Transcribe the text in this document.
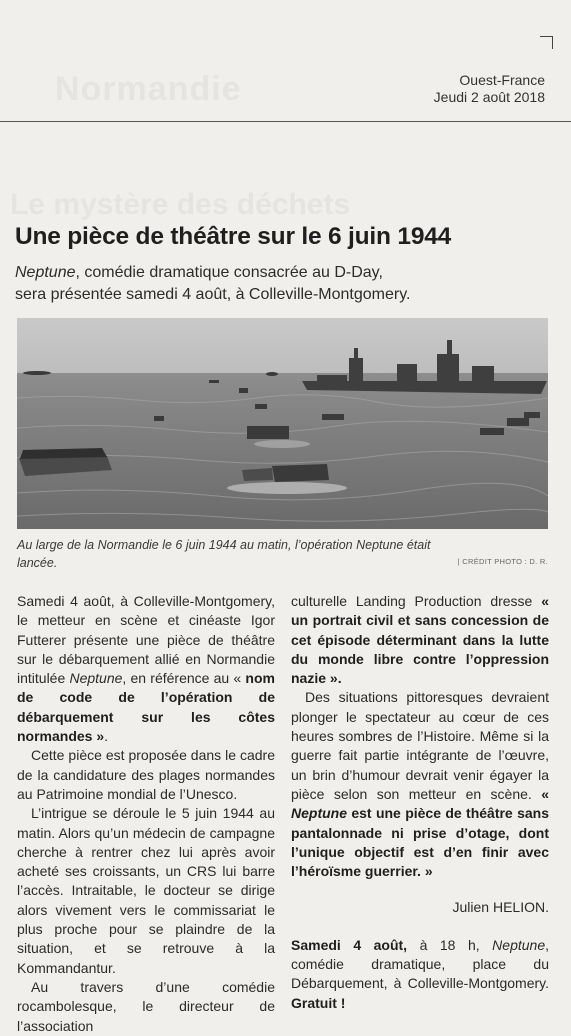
Normandie
Le mystère des déchets
Ouest-France
Jeudi 2 août 2018
Une pièce de théâtre sur le 6 juin 1944
Neptune, comédie dramatique consacrée au D-Day,
sera présentée samedi 4 août, à Colleville-Montgomery.
Au large de la Normandie le 6 juin 1944 au matin, l’opération Neptune était lancée.	| CRÉDIT PHOTO : D. R.

Samedi 4 août, à Colleville-Montgomery, le metteur en scène et cinéaste Igor Futterer présente une pièce de théâtre sur le débarquement allié en Normandie intitulée Neptune, en référence au « nom de code de l’opération de débarquement sur les côtes normandes ».

Cette pièce est proposée dans le cadre de la candidature des plages normandes au Patrimoine mondial de l’Unesco.

L’intrigue se déroule le 5 juin 1944 au matin. Alors qu’un médecin de campagne cherche à rentrer chez lui après avoir acheté ses croissants, un CRS lui barre l’accès. Intraitable, le docteur se dirige alors vivement vers le commissariat le plus proche pour se plaindre de la situation, et se retrouve à la Kommandantur.

Au travers d’une comédie rocambolesque, le directeur de l’association

culturelle Landing Production dresse « un portrait civil et sans concession de cet épisode déterminant dans la lutte du monde libre contre l’oppression nazie ».

Des situations pittoresques devraient plonger le spectateur au cœur de ces heures sombres de l’Histoire. Même si la guerre fait partie intégrante de l’œuvre, un brin d’humour devrait venir égayer la pièce selon son metteur en scène. « Neptune est une pièce de théâtre sans pantalonnade ni prise d’otage, dont l’unique objectif est d’en finir avec l’héroïsme guerrier. »

Julien HELION.

Samedi 4 août, à 18 h, Neptune, comédie dramatique, place du Débarquement, à Colleville-Montgomery. Gratuit !
